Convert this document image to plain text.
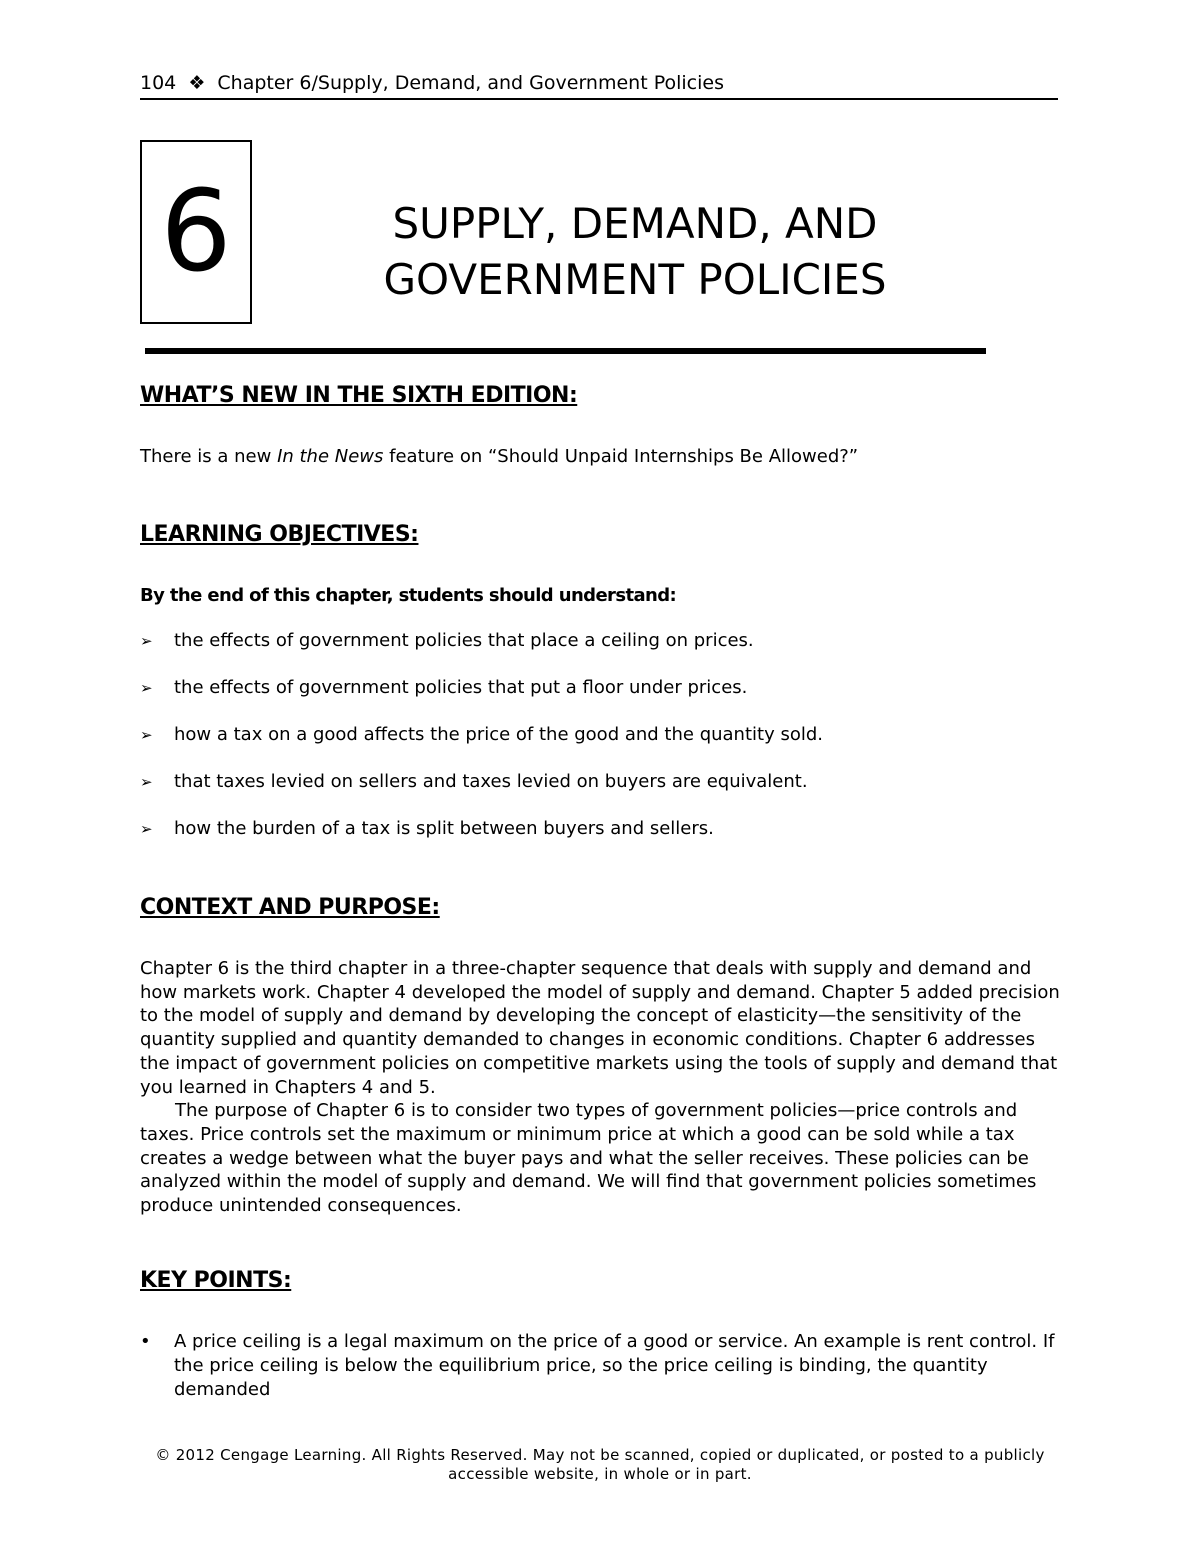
104 ❖ Chapter 6/Supply, Demand, and Government Policies
6	SUPPLY, DEMAND, AND
GOVERNMENT POLICIES
WHAT’S NEW IN THE SIXTH EDITION:
There is a new In the News feature on “Should Unpaid Internships Be Allowed?”
LEARNING OBJECTIVES:
By the end of this chapter, students should understand:
➢ the effects of government policies that place a ceiling on prices.
➢ the effects of government policies that put a floor under prices.
➢ how a tax on a good affects the price of the good and the quantity sold.
➢ that taxes levied on sellers and taxes levied on buyers are equivalent.
➢ how the burden of a tax is split between buyers and sellers.
CONTEXT AND PURPOSE:

Chapter 6 is the third chapter in a three-chapter sequence that deals with supply and demand and how markets work. Chapter 4 developed the model of supply and demand. Chapter 5 added precision to the model of supply and demand by developing the concept of elasticity—the sensitivity of the quantity supplied and quantity demanded to changes in economic conditions. Chapter 6 addresses the impact of government policies on competitive markets using the tools of supply and demand that you learned in Chapters 4 and 5.

The purpose of Chapter 6 is to consider two types of government policies—price controls and taxes. Price controls set the maximum or minimum price at which a good can be sold while a tax creates a wedge between what the buyer pays and what the seller receives. These policies can be analyzed within the model of supply and demand. We will find that government policies sometimes produce unintended consequences.

KEY POINTS:
•	A price ceiling is a legal maximum on the price of a good or service. An example is rent control. If the price ceiling is below the equilibrium price, so the price ceiling is binding, the quantity demanded
© 2012 Cengage Learning. All Rights Reserved. May not be scanned, copied or duplicated, or posted to a publicly
accessible website, in whole or in part.
